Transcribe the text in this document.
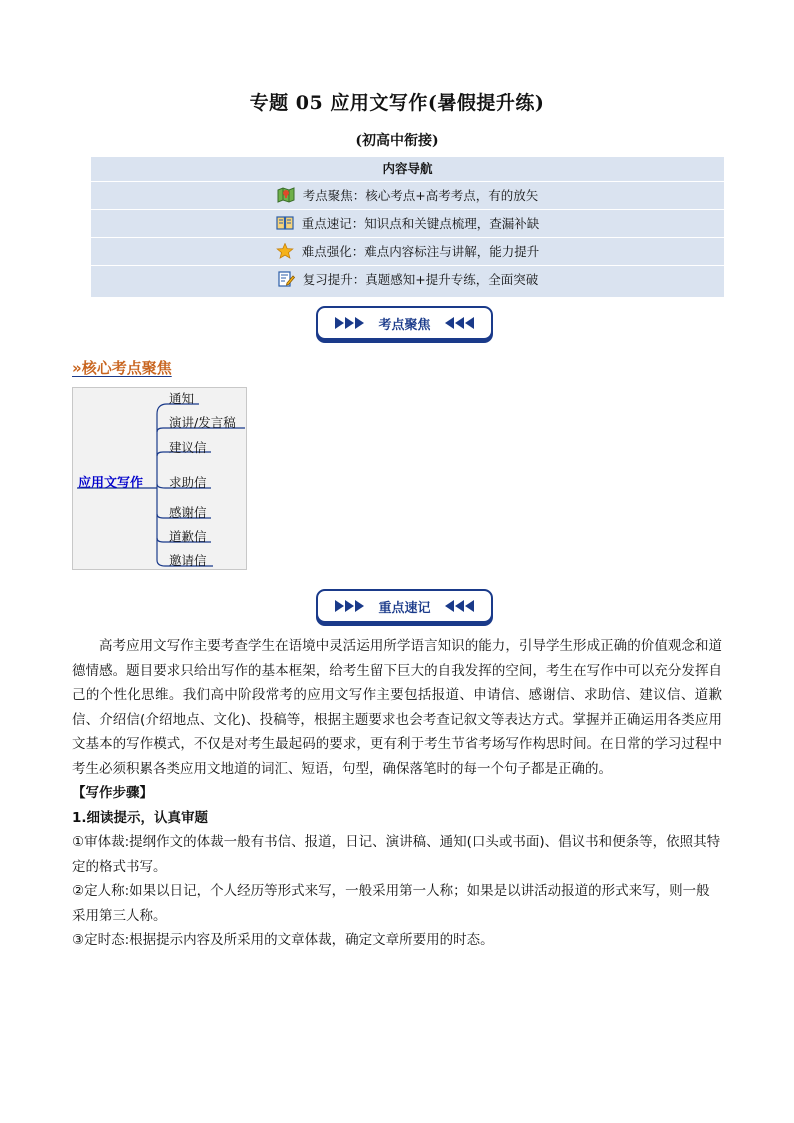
专题 05 应用文写作(暑假提升练)
(初高中衔接)
内容导航
考点聚焦：核心考点+高考考点，有的放矢
重点速记：知识点和关键点梳理，查漏补缺
难点强化：难点内容标注与讲解，能力提升
复习提升：真题感知+提升专练，全面突破
考点聚焦
»核心考点聚焦
应用文写作
通知
演讲/发言稿
建议信
求助信
感谢信
道歉信
邀请信
重点速记

高考应用文写作主要考查学生在语境中灵活运用所学语言知识的能力，引导学生形成正确的价值观念和道德情感。题目要求只给出写作的基本框架，给考生留下巨大的自我发挥的空间，考生在写作中可以充分发挥自己的个性化思维。我们高中阶段常考的应用文写作主要包括报道、申请信、感谢信、求助信、建议信、道歉信、介绍信(介绍地点、文化)、投稿等，根据主题要求也会考查记叙文等表达方式。掌握并正确运用各类应用文基本的写作模式，不仅是对考生最起码的要求，更有利于考生节省考场写作构思时间。在日常的学习过程中考生必须积累各类应用文地道的词汇、短语，句型，确保落笔时的每一个句子都是正确的。

【写作步骤】

1.细读提示，认真审题

①审体裁:提纲作文的体裁一般有书信、报道，日记、演讲稿、通知(口头或书面)、倡议书和便条等，依照其特定的格式书写。

②定人称:如果以日记，个人经历等形式来写，一般采用第一人称；如果是以讲活动报道的形式来写，则一般采用第三人称。

③定时态:根据提示内容及所采用的文章体裁，确定文章所要用的时态。
